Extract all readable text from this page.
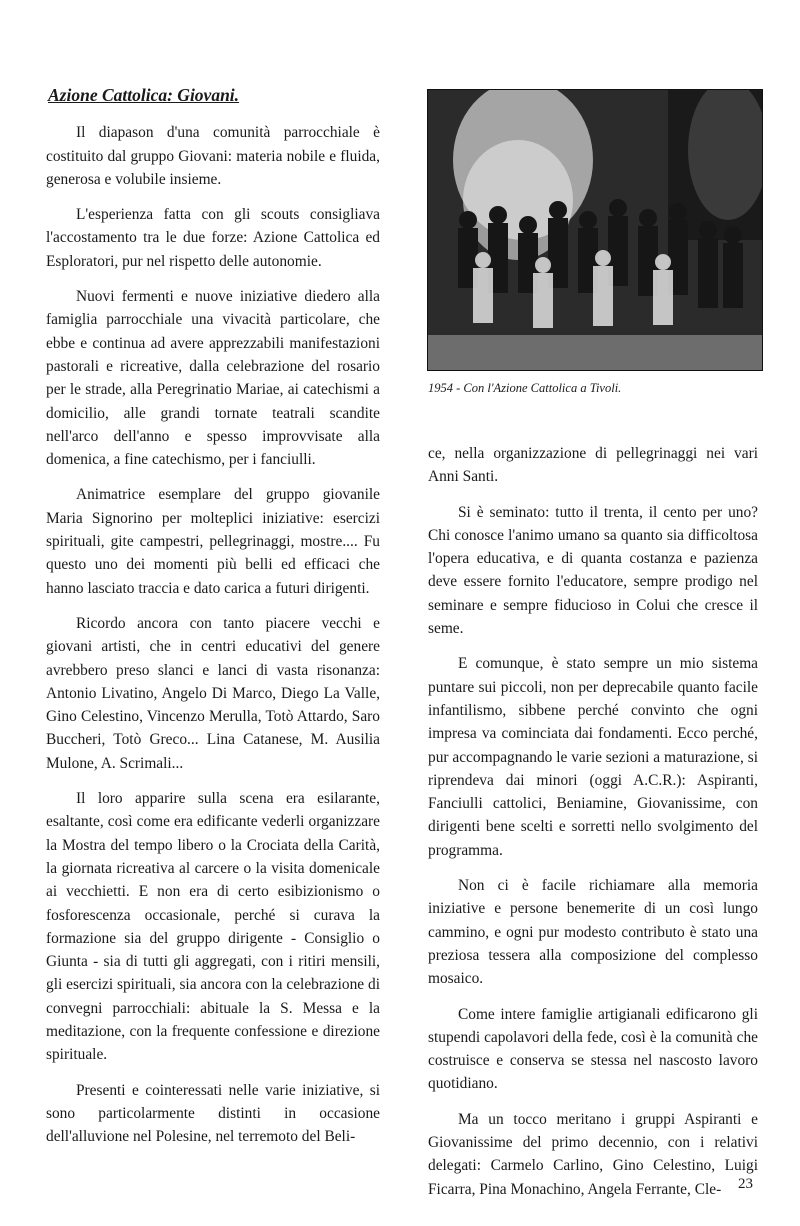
Azione Cattolica: Giovani.

Il diapason d'una comunità parrocchiale è costituito dal gruppo Giovani: materia nobile e fluida, generosa e volubile insieme.

L'esperienza fatta con gli scouts consigliava l'accostamento tra le due forze: Azione Cattolica ed Esploratori, pur nel rispetto delle autonomie.

Nuovi fermenti e nuove iniziative diedero alla famiglia parrocchiale una vivacità particolare, che ebbe e continua ad avere apprezzabili manifestazioni pastorali e ricreative, dalla celebrazione del rosario per le strade, alla Peregrinatio Mariae, ai catechismi a domicilio, alle grandi tornate teatrali scandite nell'arco dell'anno e spesso improvvisate alla domenica, a fine catechismo, per i fanciulli.

Animatrice esemplare del gruppo giovanile Maria Signorino per molteplici iniziative: esercizi spirituali, gite campestri, pellegrinaggi, mostre.... Fu questo uno dei momenti più belli ed efficaci che hanno lasciato traccia e dato carica a futuri dirigenti.

Ricordo ancora con tanto piacere vecchi e giovani artisti, che in centri educativi del genere avrebbero preso slanci e lanci di vasta risonanza: Antonio Livatino, Angelo Di Marco, Diego La Valle, Gino Celestino, Vincenzo Merulla, Totò Attardo, Saro Buccheri, Totò Greco... Lina Catanese, M. Ausilia Mulone, A. Scrimali...

Il loro apparire sulla scena era esilarante, esaltante, così come era edificante vederli organizzare la Mostra del tempo libero o la Crociata della Carità, la giornata ricreativa al carcere o la visita domenicale ai vecchietti. E non era di certo esibizionismo o fosforescenza occasionale, perché si curava la formazione sia del gruppo dirigente - Consiglio o Giunta - sia di tutti gli aggregati, con i ritiri mensili, gli esercizi spirituali, sia ancora con la celebrazione di convegni parrocchiali: abituale la S. Messa e la meditazione, con la frequente confessione e direzione spirituale.

Presenti e cointeressati nelle varie iniziative, si sono particolarmente distinti in occasione dell'alluvione nel Polesine, nel terremoto del Beli-

1954 - Con l'Azione Cattolica a Tivoli.

ce, nella organizzazione di pellegrinaggi nei vari Anni Santi.

Si è seminato: tutto il trenta, il cento per uno? Chi conosce l'animo umano sa quanto sia difficoltosa l'opera educativa, e di quanta costanza e pazienza deve essere fornito l'educatore, sempre prodigo nel seminare e sempre fiducioso in Colui che cresce il seme.

E comunque, è stato sempre un mio sistema puntare sui piccoli, non per deprecabile quanto facile infantilismo, sibbene perché convinto che ogni impresa va cominciata dai fondamenti. Ecco perché, pur accompagnando le varie sezioni a maturazione, si riprendeva dai minori (oggi A.C.R.): Aspiranti, Fanciulli cattolici, Beniamine, Giovanissime, con dirigenti bene scelti e sorretti nello svolgimento del programma.

Non ci è facile richiamare alla memoria iniziative e persone benemerite di un così lungo cammino, e ogni pur modesto contributo è stato una preziosa tessera alla composizione del complesso mosaico.

Come intere famiglie artigianali edificarono gli stupendi capolavori della fede, così è la comunità che costruisce e conserva se stessa nel nascosto lavoro quotidiano.

Ma un tocco meritano i gruppi Aspiranti e Giovanissime del primo decennio, con i relativi delegati: Carmelo Carlino, Gino Celestino, Luigi Ficarra, Pina Monachino, Angela Ferrante, Cle-	23
